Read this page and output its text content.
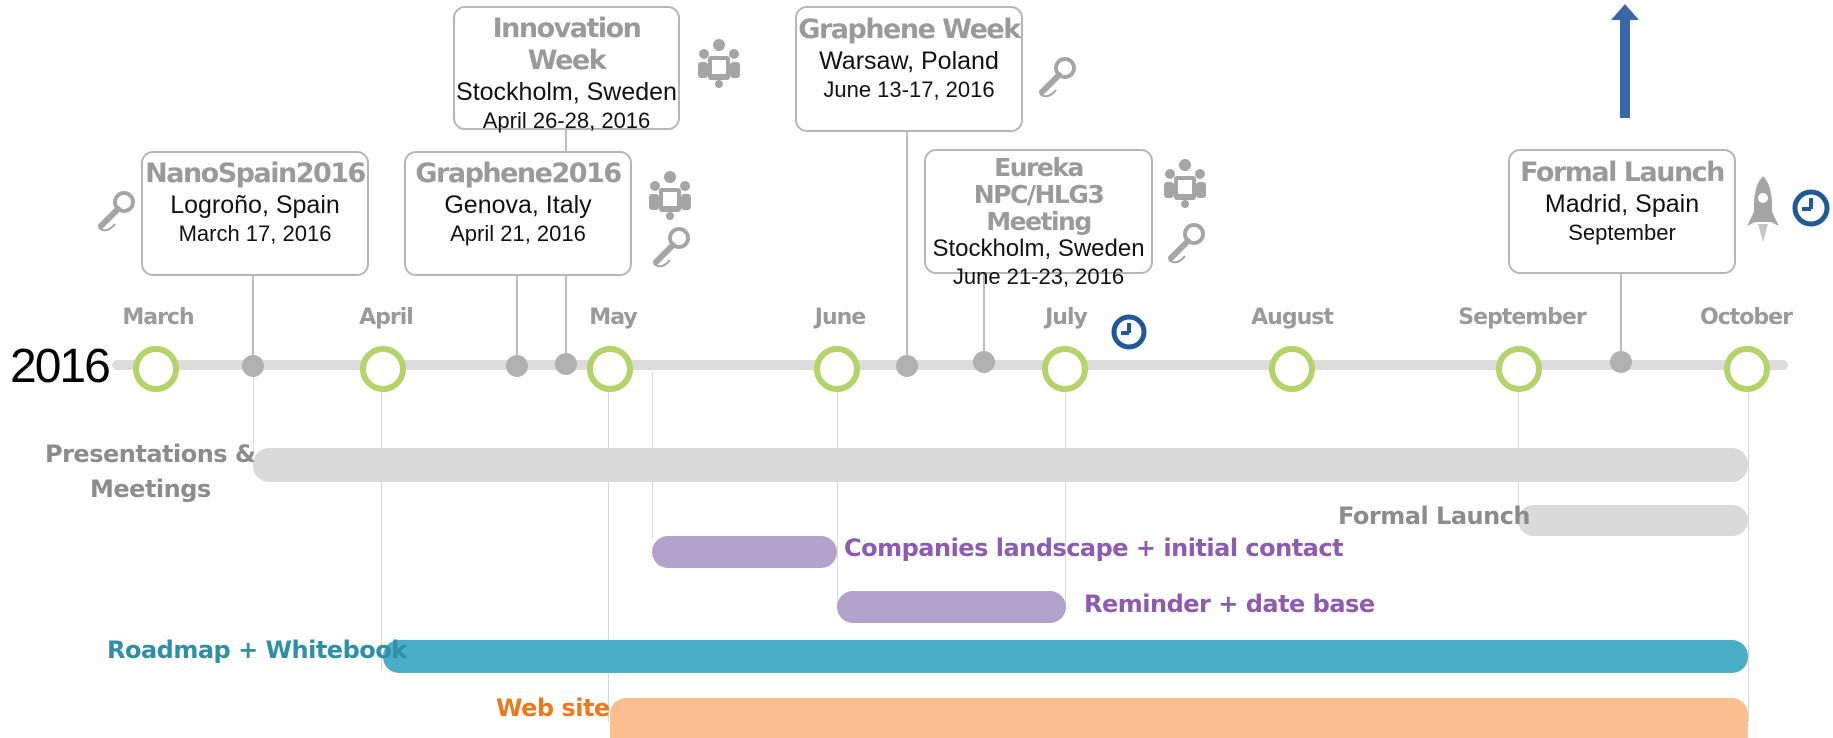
2016
March	April	May	June	July	August	September	October
NanoSpain2016
Logroño, Spain
March 17, 2016
Innovation Week
Stockholm, Sweden
April 26-28, 2016
Graphene2016
Genova, Italy
April 21, 2016
Graphene Week
Warsaw, Poland
June 13-17, 2016
Eureka NPC/HLG3 Meeting
Stockholm, Sweden
June 21-23, 2016
Formal Launch
Madrid, Spain
September
Presentations &
Meetings
Formal Launch
Companies landscape + initial contact
Reminder + date base
Roadmap + Whitebook
Web site
